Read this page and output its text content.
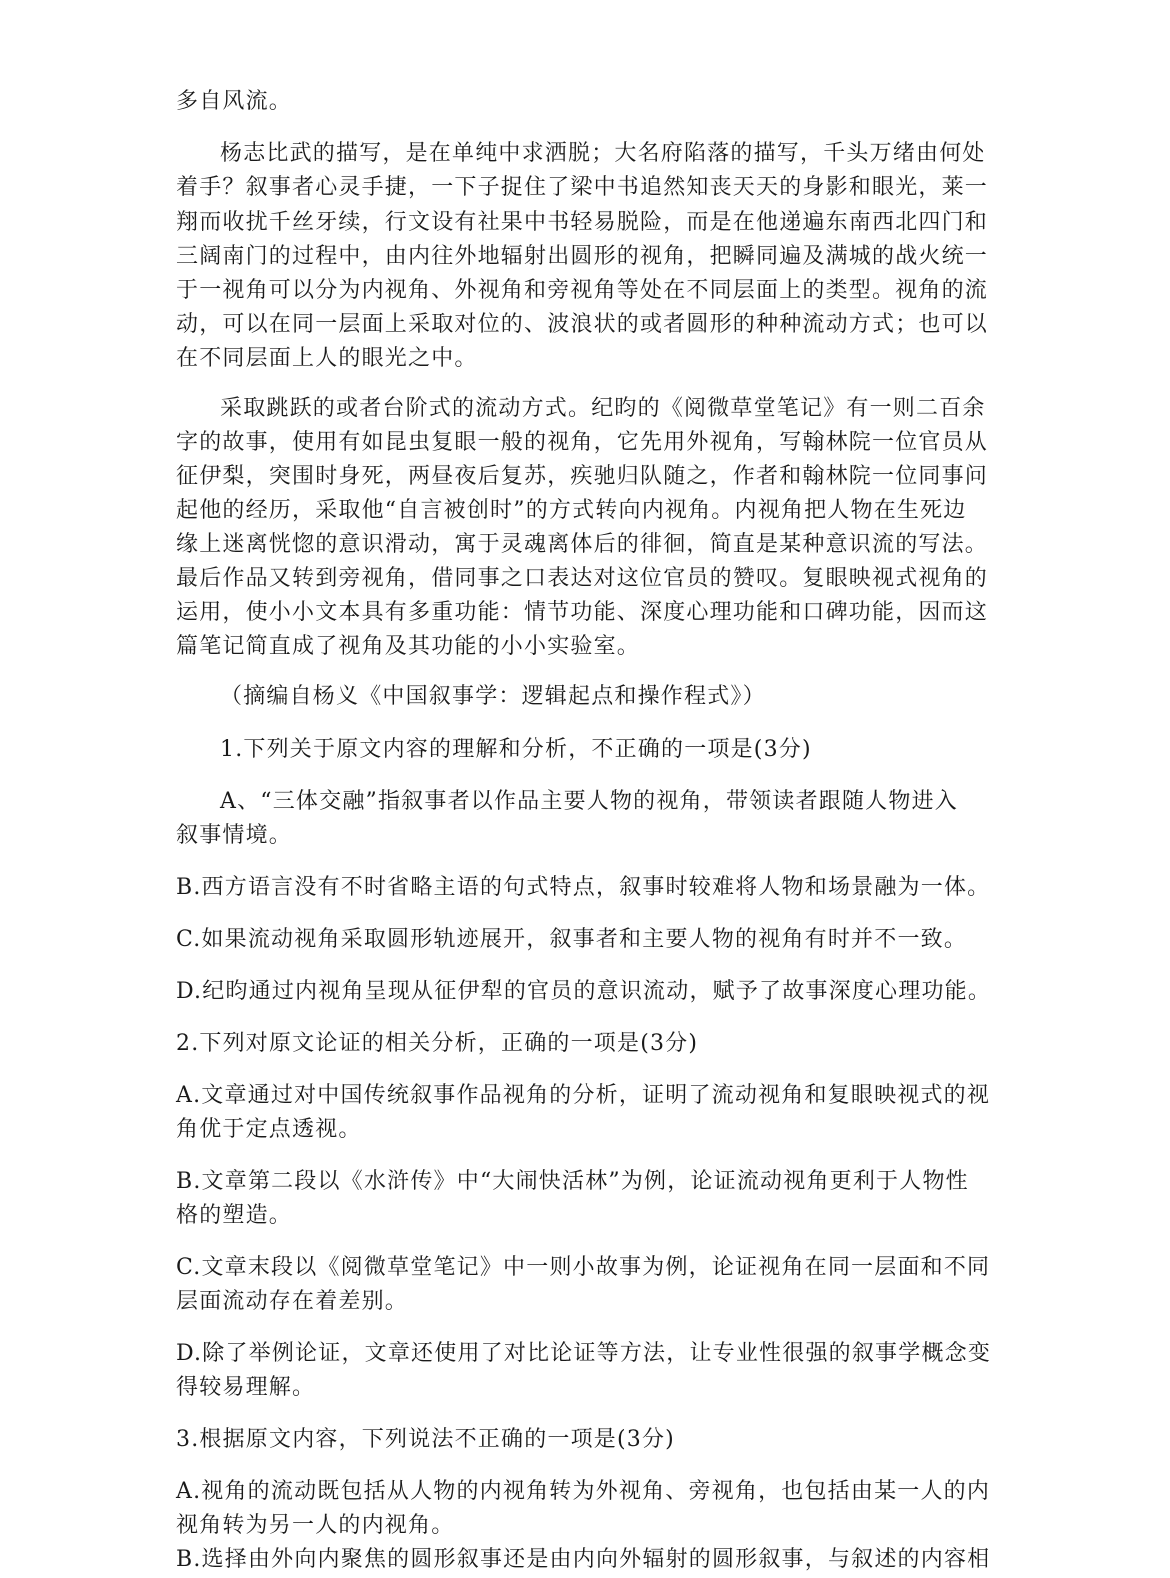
多自风流。
杨志比武的描写，是在单纯中求洒脱；大名府陷落的描写，千头万绪由何处
着手？叙事者心灵手捷，一下子捉住了梁中书追然知丧天天的身影和眼光，莱一
翔而收扰千丝牙续，行文设有社果中书轻易脱险，而是在他递遍东南西北四门和
三阔南门的过程中，由内往外地辐射出圆形的视角，把瞬同遍及满城的战火统一
于一视角可以分为内视角、外视角和旁视角等处在不同层面上的类型。视角的流
动，可以在同一层面上采取对位的、波浪状的或者圆形的种种流动方式；也可以
在不同层面上人的眼光之中。
采取跳跃的或者台阶式的流动方式。纪昀的《阅微草堂笔记》有一则二百余
字的故事，使用有如昆虫复眼一般的视角，它先用外视角，写翰林院一位官员从
征伊梨，突围时身死，两昼夜后复苏，疾驰归队随之，作者和翰林院一位同事问
起他的经历，采取他“自言被创时”的方式转向内视角。内视角把人物在生死边
缘上迷离恍惚的意识滑动，寓于灵魂离体后的徘徊，简直是某种意识流的写法。
最后作品又转到旁视角，借同事之口表达对这位官员的赞叹。复眼映视式视角的
运用，使小小文本具有多重功能：情节功能、深度心理功能和口碑功能，因而这
篇笔记简直成了视角及其功能的小小实验室。
（摘编自杨义《中国叙事学：逻辑起点和操作程式》）
1.下列关于原文内容的理解和分析，不正确的一项是(3分)
A、“三体交融”指叙事者以作品主要人物的视角，带领读者跟随人物进入
叙事情境。
B.西方语言没有不时省略主语的句式特点，叙事时较难将人物和场景融为一体。
C.如果流动视角采取圆形轨迹展开，叙事者和主要人物的视角有时并不一致。
D.纪昀通过内视角呈现从征伊犁的官员的意识流动，赋予了故事深度心理功能。
2.下列对原文论证的相关分析，正确的一项是(3分)
A.文章通过对中国传统叙事作品视角的分析，证明了流动视角和复眼映视式的视
角优于定点透视。
B.文章第二段以《水浒传》中“大闹快活林”为例，论证流动视角更利于人物性
格的塑造。
C.文章末段以《阅微草堂笔记》中一则小故事为例，论证视角在同一层面和不同
层面流动存在着差别。
D.除了举例论证，文章还使用了对比论证等方法，让专业性很强的叙事学概念变
得较易理解。
3.根据原文内容，下列说法不正确的一项是(3分)
A.视角的流动既包括从人物的内视角转为外视角、旁视角，也包括由某一人的内
视角转为另一人的内视角。
B.选择由外向内聚焦的圆形叙事还是由内向外辐射的圆形叙事，与叙述的内容相
